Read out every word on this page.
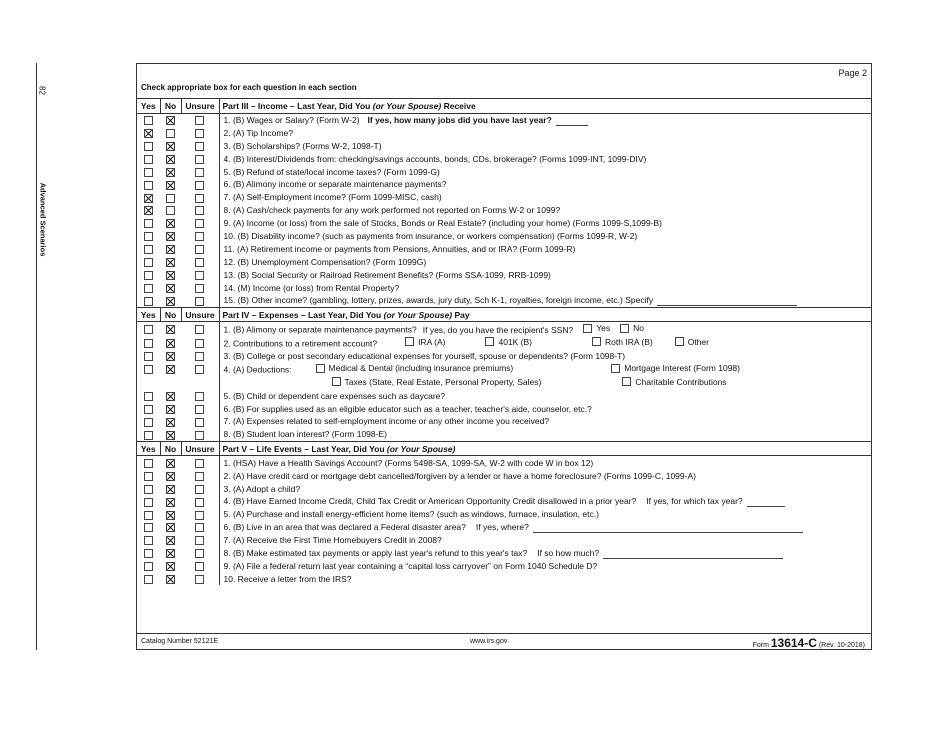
82
Advanced Scenarios
Page 2
Check appropriate box for each question in each section
Yes	No	Unsure	Part III – Income – Last Year, Did You (or Your Spouse) Receive
			1. (B) Wages or Salary? (Form W-2) If yes, how many jobs did you have last year?
			2. (A) Tip Income?
			3. (B) Scholarships? (Forms W-2, 1098-T)
			4. (B) Interest/Dividends from: checking/savings accounts, bonds, CDs, brokerage? (Forms 1099-INT, 1099-DIV)
			5. (B) Refund of state/local income taxes? (Form 1099-G)
			6. (B) Alimony income or separate maintenance payments?
			7. (A) Self-Employment income? (Form 1099-MISC, cash)
			8. (A) Cash/check payments for any work performed not reported on Forms W-2 or 1099?
			9. (A) Income (or loss) from the sale of Stocks, Bonds or Real Estate? (including your home) (Forms 1099-S,1099-B)
			10. (B) Disability income? (such as payments from insurance, or workers compensation) (Forms 1099-R, W-2)
			11. (A) Retirement income or payments from Pensions, Annuities, and or IRA? (Form 1099-R)
			12. (B) Unemployment Compensation? (Form 1099G)
			13. (B) Social Security or Railroad Retirement Benefits? (Forms SSA-1099, RRB-1099)
			14. (M) Income (or loss) from Rental Property?
			15. (B) Other income? (gambling, lottery, prizes, awards, jury duty, Sch K-1, royalties, foreign income, etc.) Specify
Yes	No	Unsure	Part IV – Expenses – Last Year, Did You (or Your Spouse) Pay
			1. (B) Alimony or separate maintenance payments? If yes, do you have the recipient's SSN? Yes No

			2. Contributions to a retirement account? IRA (A) 401K (B) Roth IRA (B) Other

			3. (B) College or post secondary educational expenses for yourself, spouse or dependents? (Form 1098-T)
			4. (A) Deductions: Medical & Dental (including insurance premiums) Mortgage Interest (Form 1098)

			Taxes (State, Real Estate, Personal Property, Sales) Charitable Contributions

			5. (B) Child or dependent care expenses such as daycare?
			6. (B) For supplies used as an eligible educator such as a teacher, teacher's aide, counselor, etc.?
			7. (A) Expenses related to self-employment income or any other income you received?
			8. (B) Student loan interest? (Form 1098-E)
Yes	No	Unsure	Part V – Life Events – Last Year, Did You (or Your Spouse)
			1. (HSA) Have a Health Savings Account? (Forms 5498-SA, 1099-SA, W-2 with code W in box 12)
			2. (A) Have credit card or mortgage debt cancelled/forgiven by a lender or have a home foreclosure? (Forms 1099-C, 1099-A)
			3. (A) Adopt a child?
			4. (B) Have Earned Income Credit, Child Tax Credit or American Opportunity Credit disallowed in a prior year? If yes, for which tax year?
			5. (A) Purchase and install energy-efficient home items? (such as windows, furnace, insulation, etc.)
			6. (B) Live in an area that was declared a Federal disaster area? If yes, where?
			7. (A) Receive the First Time Homebuyers Credit in 2008?
			8. (B) Make estimated tax payments or apply last year's refund to this year's tax? If so how much?
			9. (A) File a federal return last year containing a “capital loss carryover” on Form 1040 Schedule D?
			10. Receive a letter from the IRS?
Catalog Number 52121E	www.irs.gov
Form 13614-C (Rev. 10-2018)
